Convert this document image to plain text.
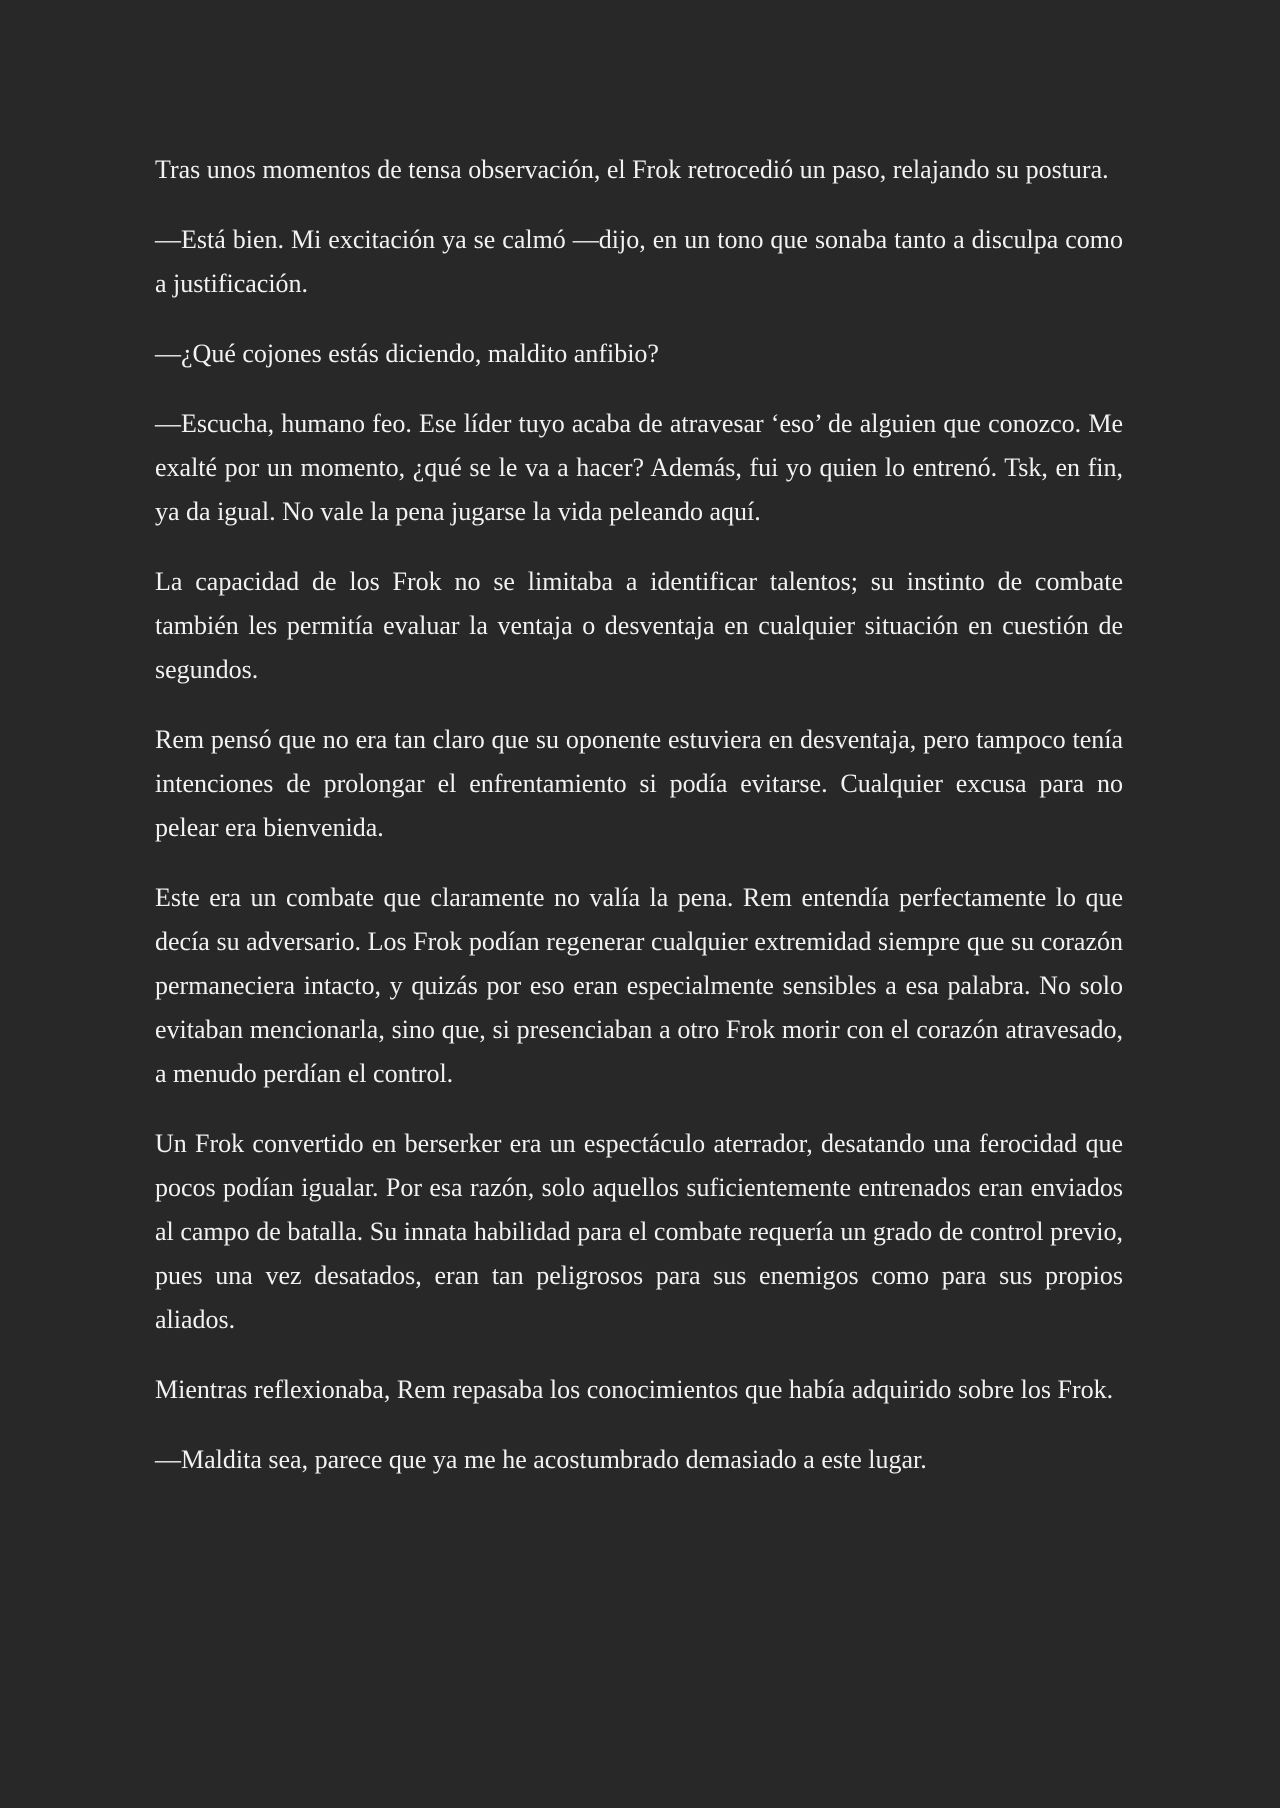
Tras unos momentos de tensa observación, el Frok retrocedió un paso, relajando su postura.

—Está bien. Mi excitación ya se calmó —dijo, en un tono que sonaba tanto a disculpa como a justificación.

—¿Qué cojones estás diciendo, maldito anfibio?

—Escucha, humano feo. Ese líder tuyo acaba de atravesar ‘eso’ de alguien que conozco. Me exalté por un momento, ¿qué se le va a hacer? Además, fui yo quien lo entrenó. Tsk, en fin, ya da igual. No vale la pena jugarse la vida peleando aquí.

La capacidad de los Frok no se limitaba a identificar talentos; su instinto de combate también les permitía evaluar la ventaja o desventaja en cualquier situación en cuestión de segundos.

Rem pensó que no era tan claro que su oponente estuviera en desventaja, pero tampoco tenía intenciones de prolongar el enfrentamiento si podía evitarse. Cualquier excusa para no pelear era bienvenida.

Este era un combate que claramente no valía la pena. Rem entendía perfectamente lo que decía su adversario. Los Frok podían regenerar cualquier extremidad siempre que su corazón permaneciera intacto, y quizás por eso eran especialmente sensibles a esa palabra. No solo evitaban mencionarla, sino que, si presenciaban a otro Frok morir con el corazón atravesado, a menudo perdían el control.

Un Frok convertido en berserker era un espectáculo aterrador, desatando una ferocidad que pocos podían igualar. Por esa razón, solo aquellos suficientemente entrenados eran enviados al campo de batalla. Su innata habilidad para el combate requería un grado de control previo, pues una vez desatados, eran tan peligrosos para sus enemigos como para sus propios aliados.

Mientras reflexionaba, Rem repasaba los conocimientos que había adquirido sobre los Frok.

—Maldita sea, parece que ya me he acostumbrado demasiado a este lugar.
